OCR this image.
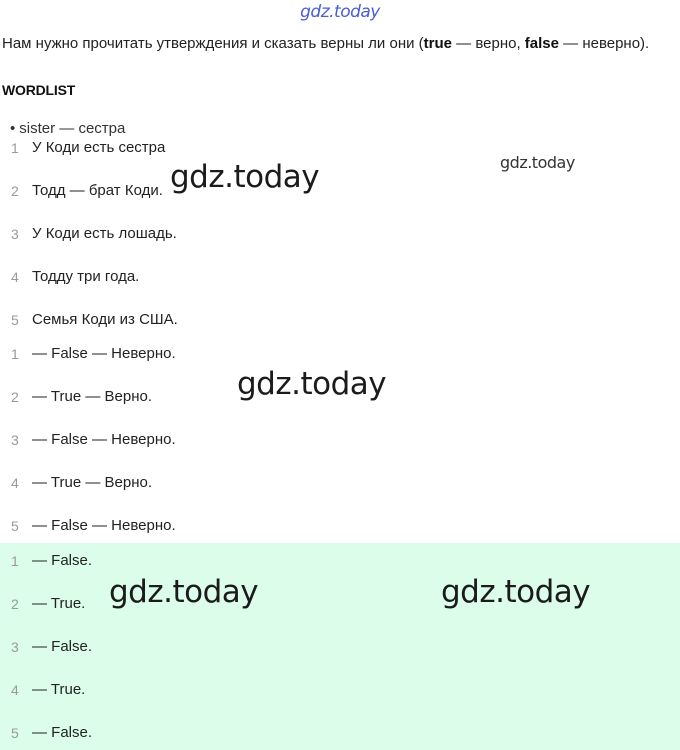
gdz.today
Нам нужно прочитать утверждения и сказать верны ли они (true — верно, false — неверно).
WORDLIST
• sister — сестра
1 У Коди есть сестра
2 Тодд — брат Коди.
3 У Коди есть лошадь.
4 Тодду три года.
5 Семья Коди из США.
1 — False — Неверно.
2 — True — Верно.
3 — False — Неверно.
4 — True — Верно.
5 — False — Неверно.
1 — False.
2 — True.
3 — False.
4 — True.
5 — False.
gdz.today
gdz.today
gdz.today
gdz.today	gdz.today
